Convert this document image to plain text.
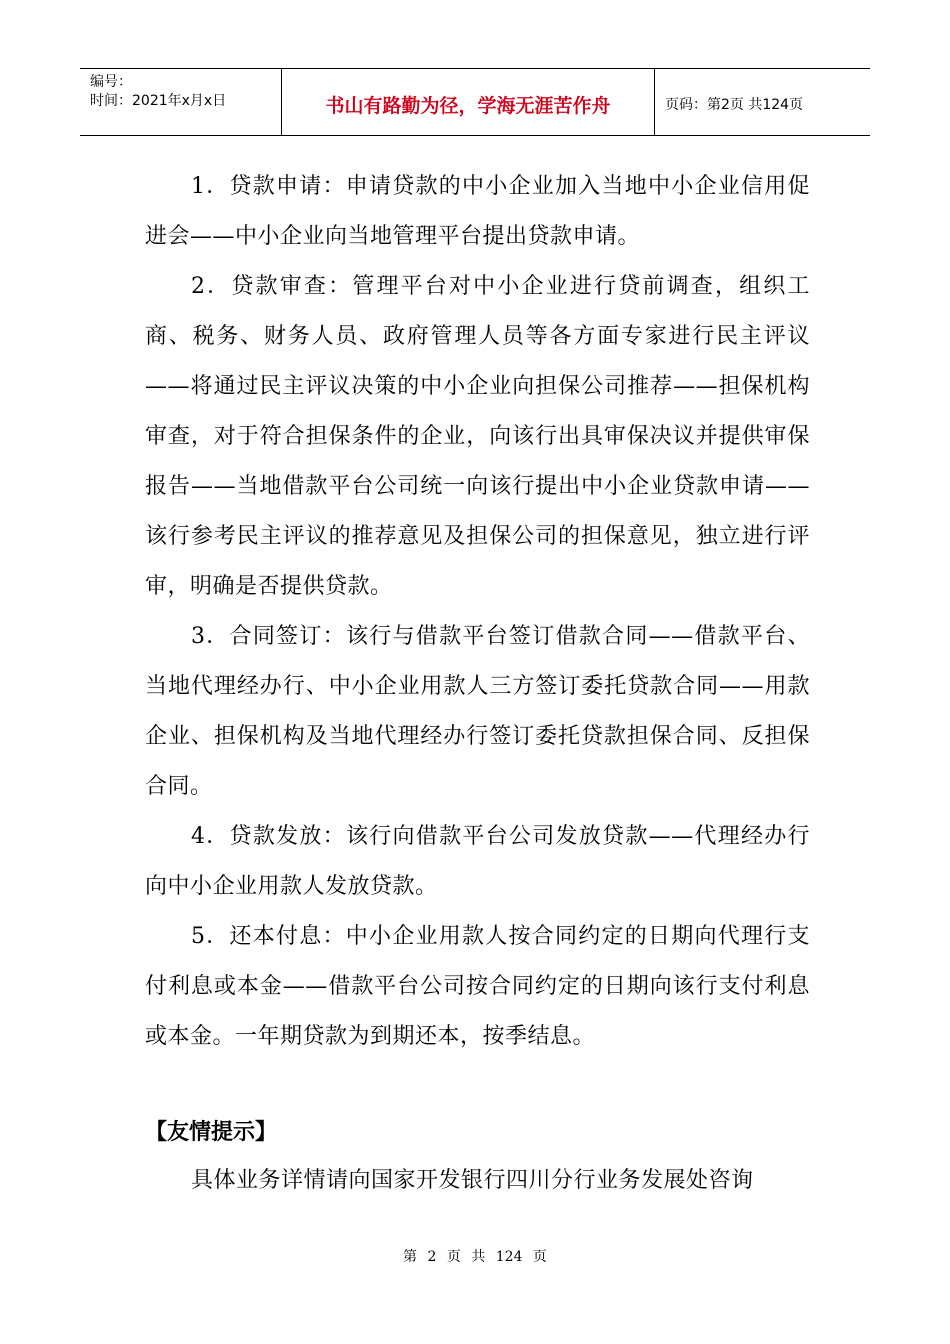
编号：
时间：2021年x月x日	书山有路勤为径，学海无涯苦作舟	页码：第2页 共124页

1．贷款申请：申请贷款的中小企业加入当地中小企业信用促进会——中小企业向当地管理平台提出贷款申请。

2．贷款审查：管理平台对中小企业进行贷前调查，组织工商、税务、财务人员、政府管理人员等各方面专家进行民主评议——将通过民主评议决策的中小企业向担保公司推荐——担保机构审查，对于符合担保条件的企业，向该行出具审保决议并提供审保报告——当地借款平台公司统一向该行提出中小企业贷款申请——该行参考民主评议的推荐意见及担保公司的担保意见，独立进行评审，明确是否提供贷款。

3．合同签订：该行与借款平台签订借款合同——借款平台、当地代理经办行、中小企业用款人三方签订委托贷款合同——用款企业、担保机构及当地代理经办行签订委托贷款担保合同、反担保合同。

4．贷款发放：该行向借款平台公司发放贷款——代理经办行向中小企业用款人发放贷款。

5．还本付息：中小企业用款人按合同约定的日期向代理行支付利息或本金——借款平台公司按合同约定的日期向该行支付利息或本金。一年期贷款为到期还本，按季结息。

【友情提示】

具体业务详情请向国家开发银行四川分行业务发展处咨询

第 2 页 共 124 页
